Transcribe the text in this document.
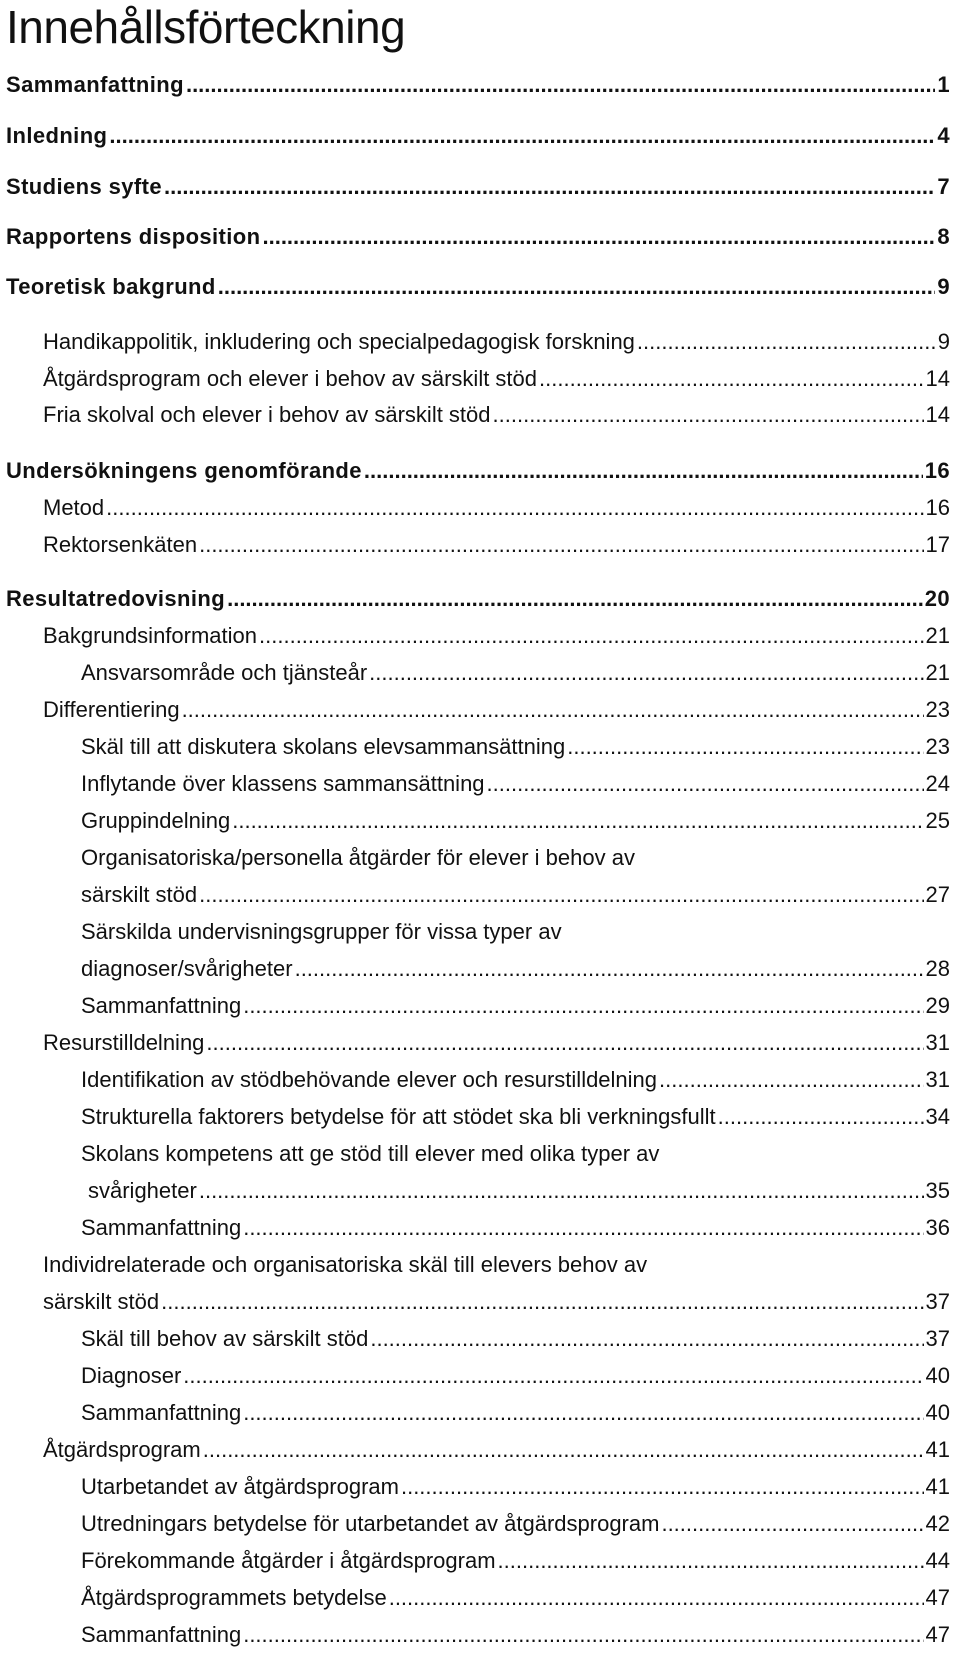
Innehållsförteckning
Sammanfattning .....	1
Inledning .....	4
Studiens syfte .....	7
Rapportens disposition .....	8
Teoretisk bakgrund .....	9
Handikappolitik, inkludering och specialpedagogisk forskning .....	9
Åtgärdsprogram och elever i behov av särskilt stöd .....	14
Fria skolval och elever i behov av särskilt stöd .....	14
Undersökningens genomförande .....	16
Metod .....	16
Rektorsenkäten .....	17
Resultatredovisning .....	20
Bakgrundsinformation .....	21
Ansvarsområde och tjänsteår .....	21
Differentiering .....	23
Skäl till att diskutera skolans elevsammansättning .....	23
Inflytande över klassens sammansättning .....	24
Gruppindelning .....	25
Organisatoriska/personella åtgärder för elever i behov av
särskilt stöd .....	27
Särskilda undervisningsgrupper för vissa typer av
diagnoser/svårigheter .....	28
Sammanfattning .....	29
Resurstilldelning .....	31
Identifikation av stödbehövande elever och resurstilldelning .....	31
Strukturella faktorers betydelse för att stödet ska bli verkningsfullt .....	34
Skolans kompetens att ge stöd till elever med olika typer av
svårigheter .....	35
Sammanfattning .....	36
Individrelaterade och organisatoriska skäl till elevers behov av
särskilt stöd .....	37
Skäl till behov av särskilt stöd .....	37
Diagnoser .....	40
Sammanfattning .....	40
Åtgärdsprogram .....	41
Utarbetandet av åtgärdsprogram .....	41
Utredningars betydelse för utarbetandet av åtgärdsprogram .....	42
Förekommande åtgärder i åtgärdsprogram .....	44
Åtgärdsprogrammets betydelse .....	47
Sammanfattning .....	47
